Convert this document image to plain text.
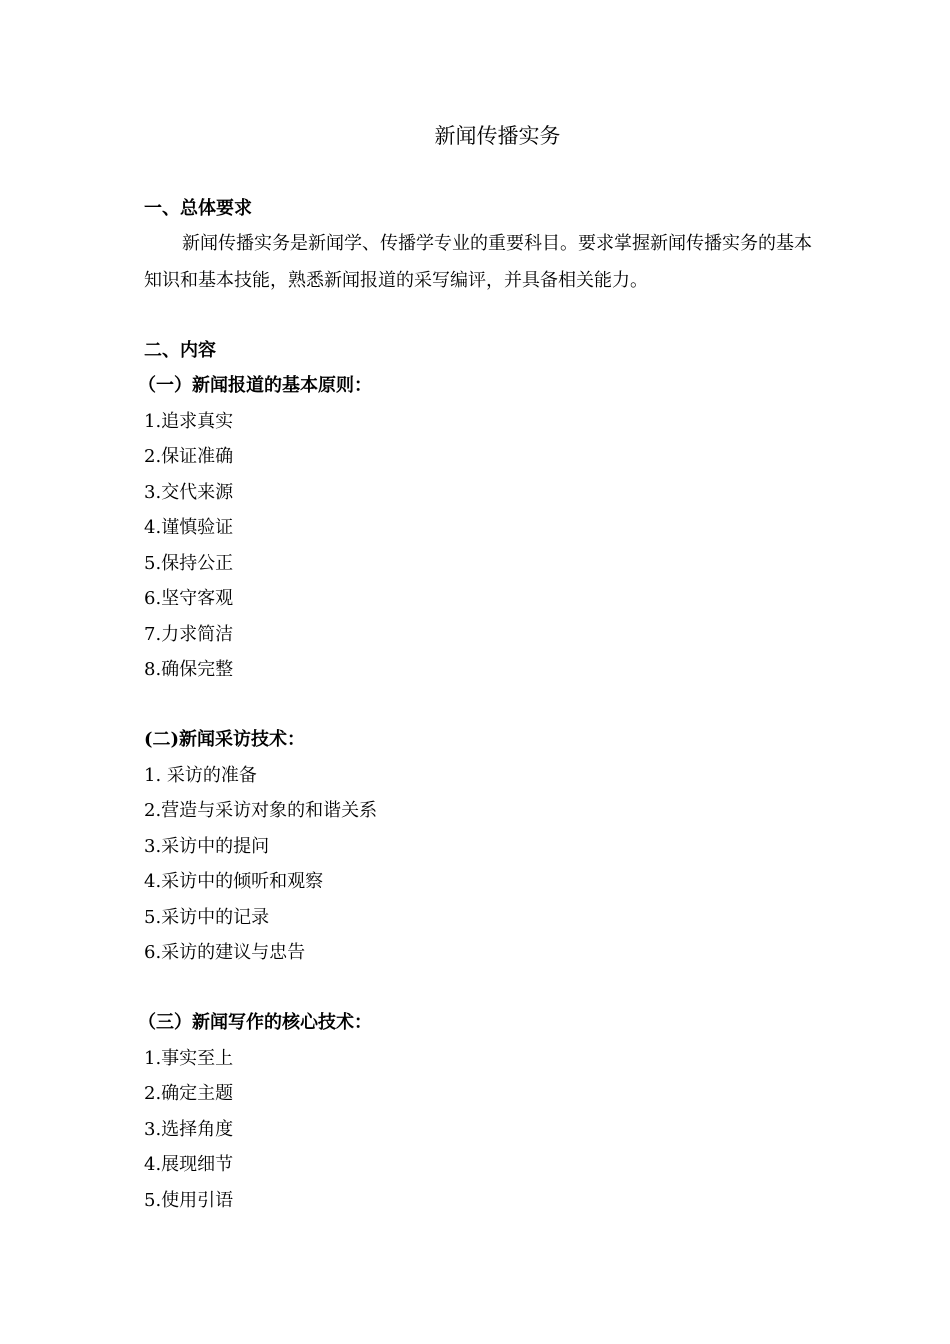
新闻传播实务
一、总体要求

新闻传播实务是新闻学、传播学专业的重要科目。要求掌握新闻传播实务的基本知识和基本技能，熟悉新闻报道的采写编评，并具备相关能力。

二、内容
（一）新闻报道的基本原则：
1.追求真实
2.保证准确
3.交代来源
4.谨慎验证
5.保持公正
6.坚守客观
7.力求简洁
8.确保完整
(二)新闻采访技术：
1. 采访的准备
2.营造与采访对象的和谐关系
3.采访中的提问
4.采访中的倾听和观察
5.采访中的记录
6.采访的建议与忠告
（三）新闻写作的核心技术：
1.事实至上
2.确定主题
3.选择角度
4.展现细节
5.使用引语
